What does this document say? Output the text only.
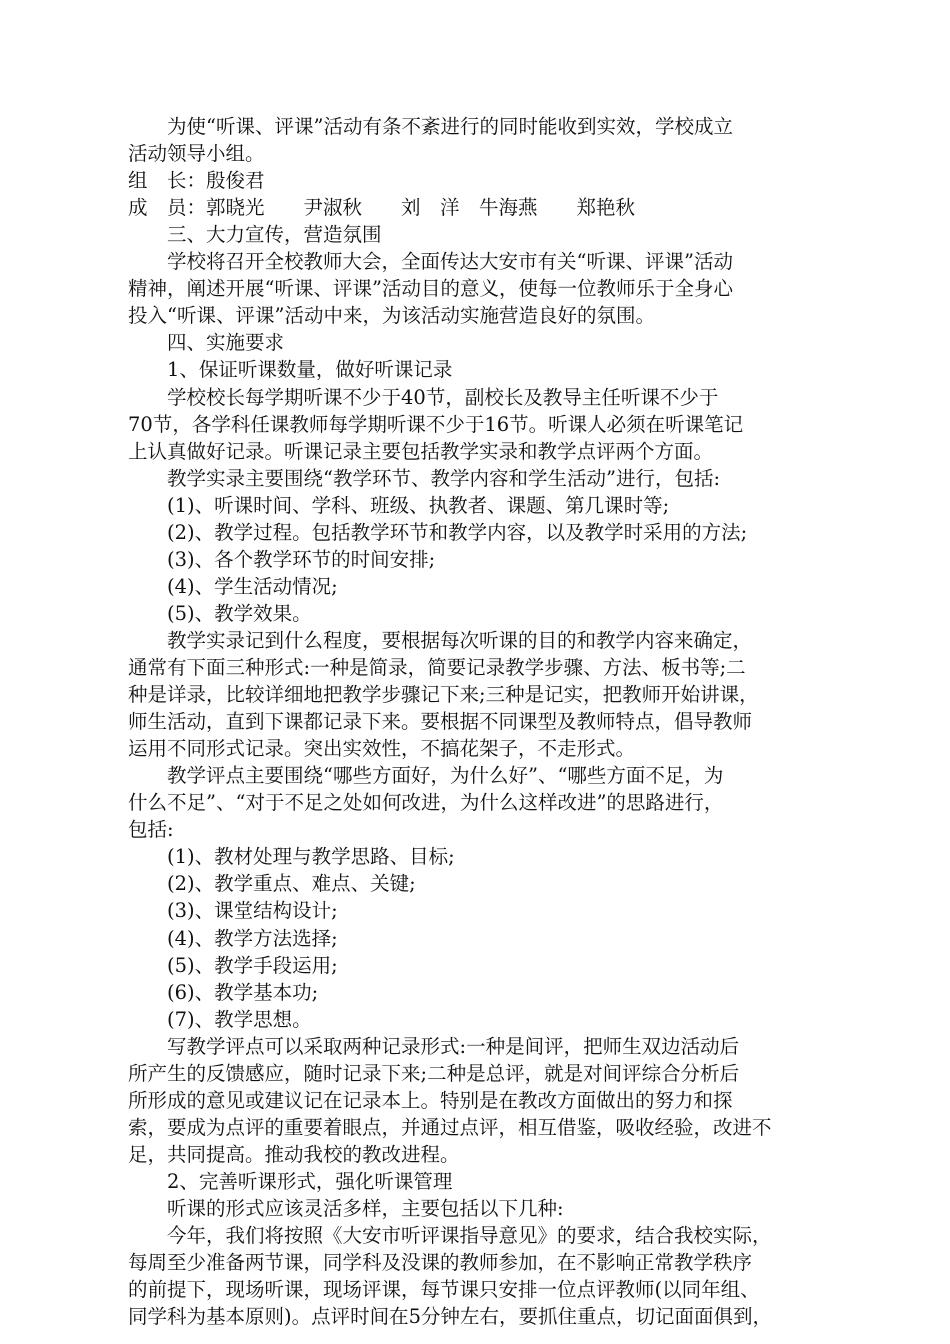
　　为使“听课、评课”活动有条不紊进行的同时能收到实效，学校成立
活动领导小组。
组　长：殷俊君
成　员：郭晓光　　尹淑秋　　刘　洋　牛海燕　　郑艳秋
　　三、大力宣传，营造氛围
　　学校将召开全校教师大会，全面传达大安市有关“听课、评课”活动
精神，阐述开展“听课、评课”活动目的意义，使每一位教师乐于全身心
投入“听课、评课”活动中来，为该活动实施营造良好的氛围。
　　四、实施要求
　　1、保证听课数量，做好听课记录
　　学校校长每学期听课不少于40节，副校长及教导主任听课不少于
70节，各学科任课教师每学期听课不少于16节。听课人必须在听课笔记
上认真做好记录。听课记录主要包括教学实录和教学点评两个方面。
　　教学实录主要围绕“教学环节、教学内容和学生活动”进行，包括:
　　(1)、听课时间、学科、班级、执教者、课题、第几课时等;
　　(2)、教学过程。包括教学环节和教学内容，以及教学时采用的方法;
　　(3)、各个教学环节的时间安排;
　　(4)、学生活动情况;
　　(5)、教学效果。
　　教学实录记到什么程度，要根据每次听课的目的和教学内容来确定，
通常有下面三种形式:一种是简录，简要记录教学步骤、方法、板书等;二
种是详录，比较详细地把教学步骤记下来;三种是记实，把教师开始讲课，
师生活动，直到下课都记录下来。要根据不同课型及教师特点，倡导教师
运用不同形式记录。突出实效性，不搞花架子，不走形式。
　　教学评点主要围绕“哪些方面好，为什么好”、“哪些方面不足，为
什么不足”、“对于不足之处如何改进，为什么这样改进”的思路进行，
包括:
　　(1)、教材处理与教学思路、目标;
　　(2)、教学重点、难点、关键;
　　(3)、课堂结构设计;
　　(4)、教学方法选择;
　　(5)、教学手段运用;
　　(6)、教学基本功;
　　(7)、教学思想。
　　写教学评点可以采取两种记录形式:一种是间评，把师生双边活动后
所产生的反馈感应，随时记录下来;二种是总评，就是对间评综合分析后
所形成的意见或建议记在记录本上。特别是在教改方面做出的努力和探
索，要成为点评的重要着眼点，并通过点评，相互借鉴，吸收经验，改进不
足，共同提高。推动我校的教改进程。
　　2、完善听课形式，强化听课管理
　　听课的形式应该灵活多样，主要包括以下几种:
　　今年，我们将按照《大安市听评课指导意见》的要求，结合我校实际，
每周至少准备两节课，同学科及没课的教师参加，在不影响正常教学秩序
的前提下，现场听课，现场评课，每节课只安排一位点评教师(以同年组、
同学科为基本原则)。点评时间在5分钟左右，要抓住重点，切记面面俱到，
